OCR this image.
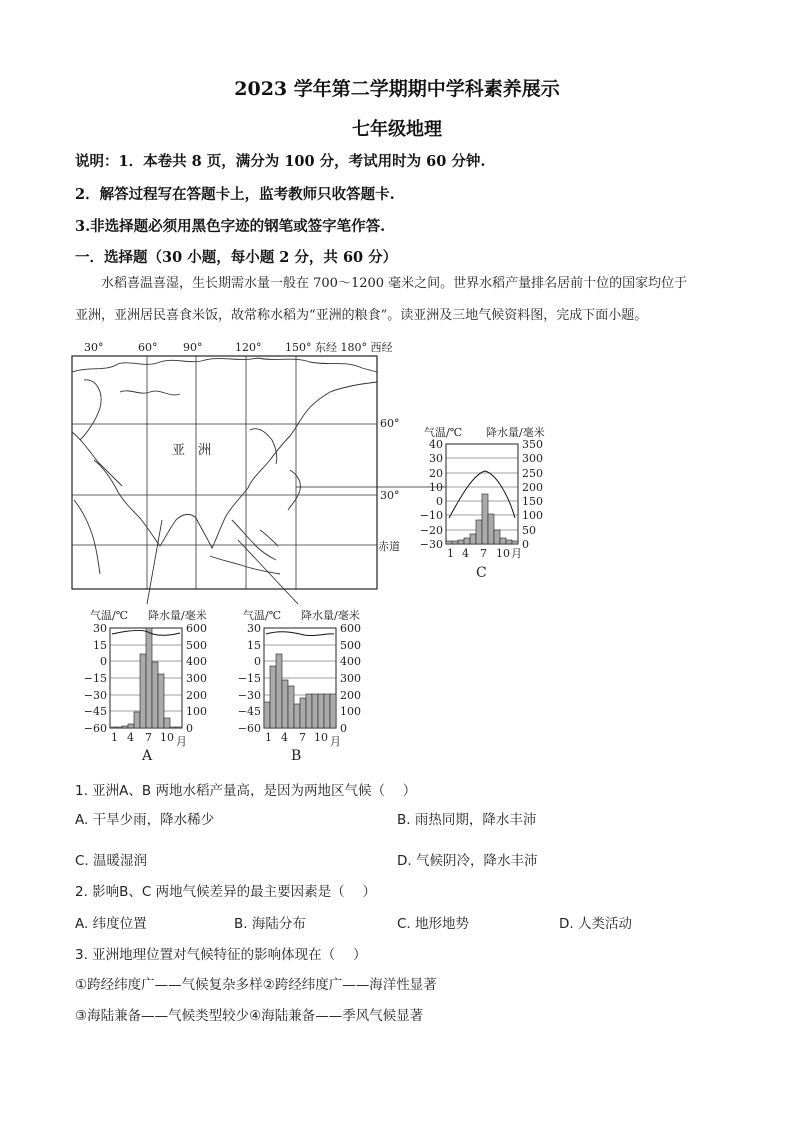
2023 学年第二学期期中学科素养展示
七年级地理
说明：1．本卷共 8 页，满分为 100 分，考试用时为 60 分钟.
2．解答过程写在答题卡上，监考教师只收答题卡.
3.非选择题必须用黑色字迹的钢笔或签字笔作答.
一．选择题（30 小题，每小题 2 分，共 60 分）
水稻喜温喜湿，生长期需水量一般在 700～1200 毫米之间。世界水稻产量排名居前十位的国家均位于
亚洲，亚洲居民喜食米饭，故常称水稻为“亚洲的粮食”。读亚洲及三地气候资料图，完成下面小题。
30°	60° 90°	120° 150° 东经 180° 西经
亚　洲
60°
30°
赤道
气温/℃ 降水量/毫米
40
30
20
10
0
−10
−20
−30
350
300
250
200
150
100
50
0
1 4 7 10 月
C
气温/℃ 降水量/毫米
30
15
0
−15
−30
−45
−60
600
500
400
300
200
100
0
1 4 7 10 月
A
气温/℃ 降水量/毫米
30
15
0
−15
−30
−45
−60
600
500
400
300
200
100
0
1 4 7 10 月
B
1. 亚洲A、B 两地水稻产量高，是因为两地区气候（　 ）
A. 干旱少雨，降水稀少	B. 雨热同期，降水丰沛
C. 温暖湿润	D. 气候阴冷，降水丰沛
2. 影响B、C 两地气候差异的最主要因素是（　 ）
A. 纬度位置	B. 海陆分布	C. 地形地势	D. 人类活动
3. 亚洲地理位置对气候特征的影响体现在（　 ）
①跨经纬度广——气候复杂多样②跨经纬度广——海洋性显著
③海陆兼备——气候类型较少④海陆兼备——季风气候显著
